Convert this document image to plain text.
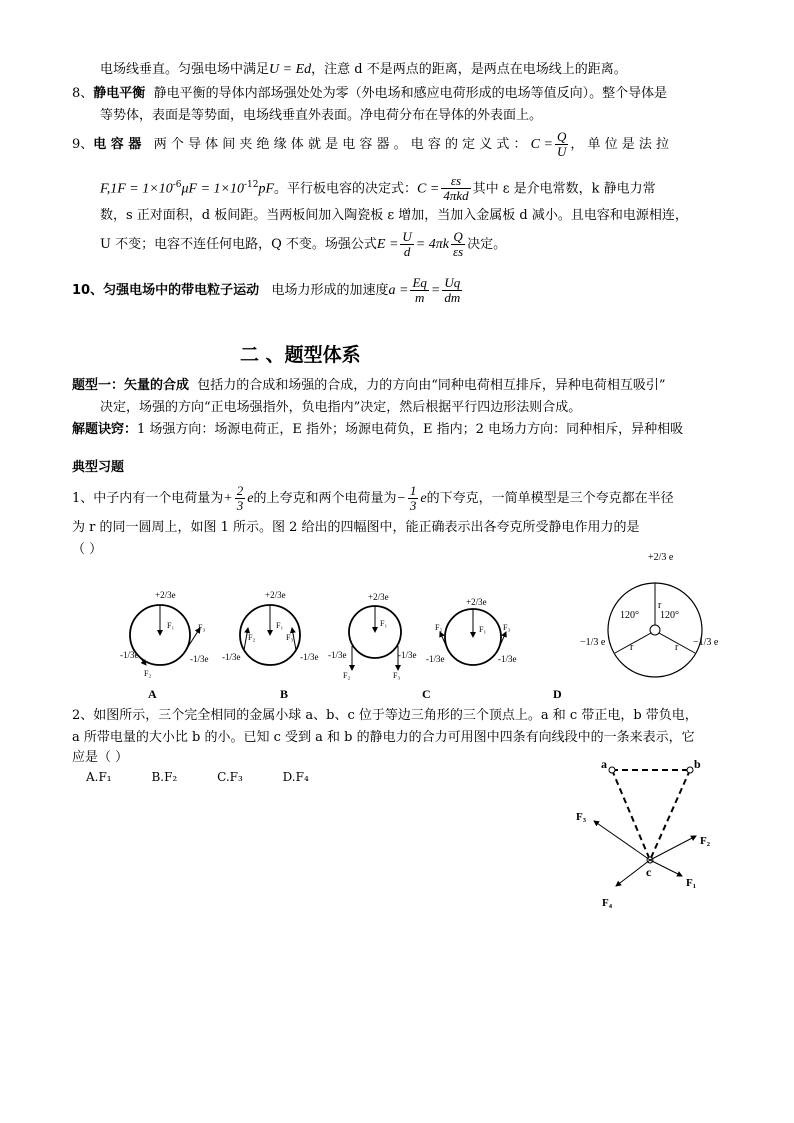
电场线垂直。匀强电场中满足U = Ed，注意 d 不是两点的距离，是两点在电场线上的距离。
8、静电平衡 静电平衡的导体内部场强处处为零（外电场和感应电荷形成的电场等值反向）。整个导体是
等势体，表面是等势面，电场线垂直外表面。净电荷分布在导体的外表面上。
9、电 容 器 两 个 导 体 间 夹 绝 缘 体 就 是 电 容 器 。 电 容 的 定 义 式 ： $C = \frac{Q}{U}$ ， 单 位 是 法 拉
$F,1F = 1\times 10^{-6}\mu F = 1\times 10^{-12}pF$。平行板电容的决定式：$C = \frac{\varepsilon s}{\text{4πkd}}$ 其中 ε 是介电常数，k 静电力常
数，s 正对面积，d 板间距。当两板间加入陶瓷板 ε 增加，当加入金属板 d 减小。且电容和电源相连，
U 不变；电容不连任何电路，Q 不变。场强公式$E = \frac{U}{d} = 4\pi k \frac{Q}{\varepsilon s}$ 决定。
10、匀强电场中的带电粒子运动 电场力形成的加速度$a = \frac{Eq}{m} = \frac{Uq}{dm}$
二 、题型体系
题型一：矢量的合成 包括力的合成和场强的合成，力的方向由“同种电荷相互排斥，异种电荷相互吸引”
决定，场强的方向“正电场强指外，负电指内”决定，然后根据平行四边形法则合成。
解题诀窍：1 场强方向：场源电荷正，E 指外；场源电荷负，E 指内；2 电场力方向：同种相斥，异种相吸
典型习题
1、中子内有一个电荷量为+ $\frac{2}{3}$ e的上夸克和两个电荷量为− $\frac{1}{3}$ e的下夸克，一简单模型是三个夸克都在半径
为 r 的同一圆周上，如图 1 所示。图 2 给出的四幅图中，能正确表示出各夸克所受静电作用力的是
（ ）
+2/3e
F₁	F₃
F₂
-1/3e	-1/3e
+2/3e
F₁
F₂	F₃
-1/3e	-1/3e
+2/3e
F₁
F₂	F₃
-1/3e	-1/3e
+2/3e
F₁
F₂	F₃
-1/3e	-1/3e
+2/3 e
r
120° 120°
r	r
−1/3 e	−1/3 e
A	B	C	D
2、如图所示，三个完全相同的金属小球 a、b、c 位于等边三角形的三个顶点上。a 和 c 带正电，b 带负电，
a 所带电量的大小比 b 的小。已知 c 受到 a 和 b 的静电力的合力可用图中四条有向线段中的一条来表示，它
应是（ ）
A.F₁	B.F₂	C.F₃	D.F₄
a	b
c
F₃
F₂
F₁
F₄
